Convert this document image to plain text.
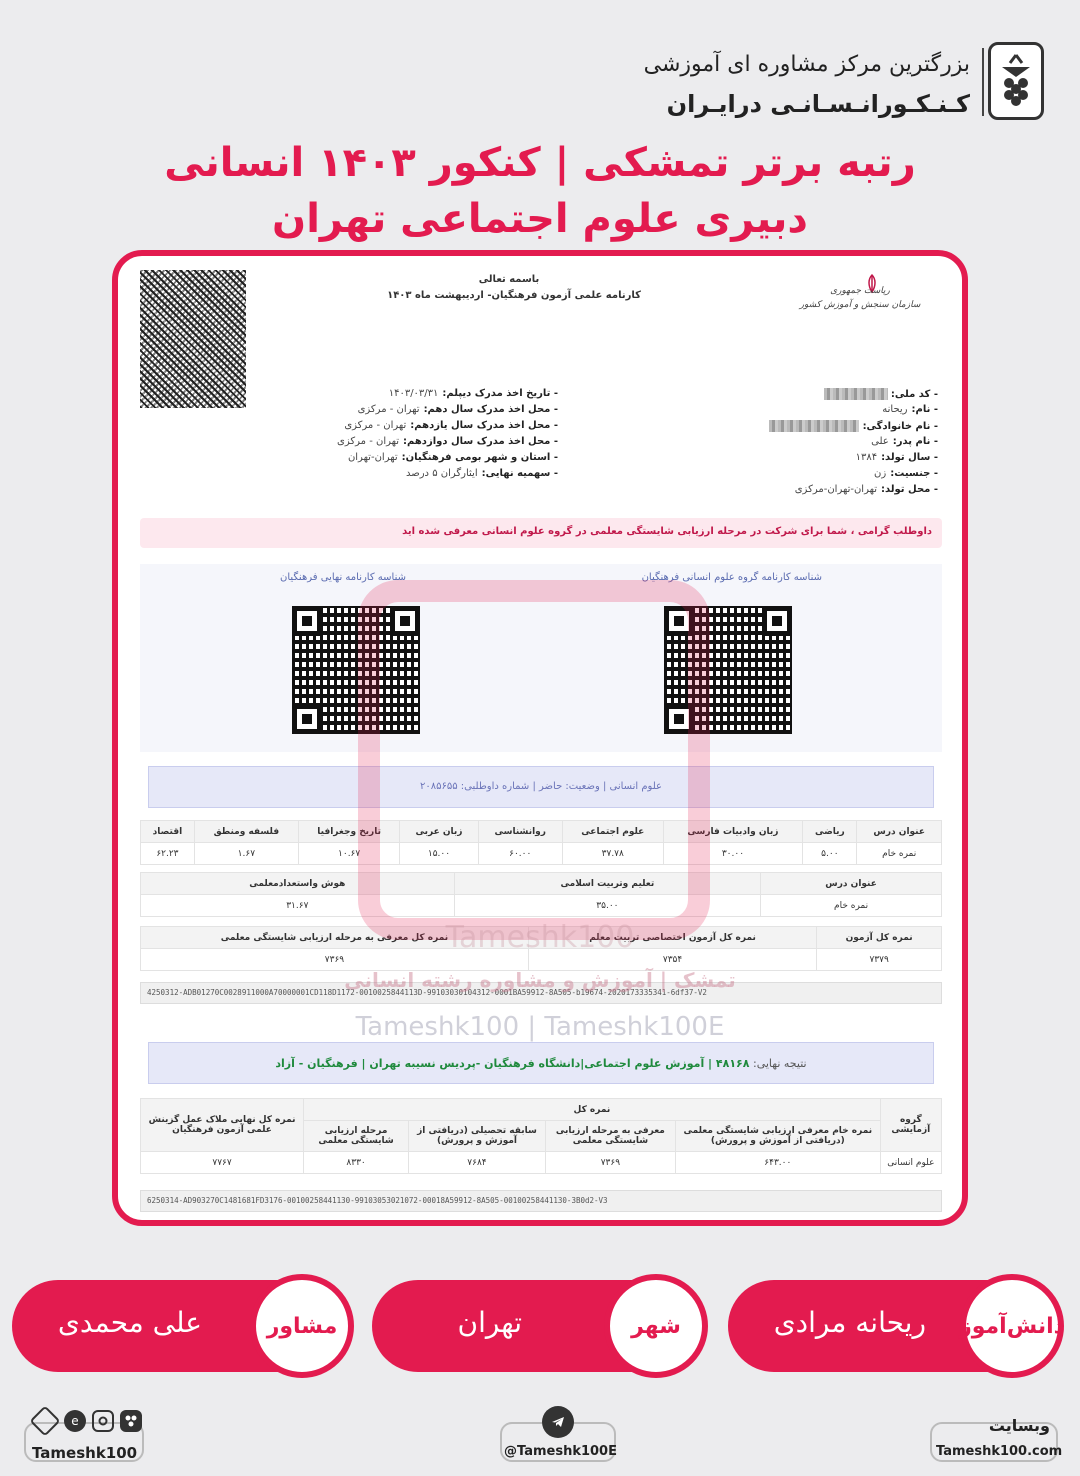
بزرگترین مرکز مشاوره ای آموزشی
کـنـکـورانـسـانـی درایـران
رتبه برتر تمشکی | کنکور ۱۴۰۳ انسانی
دبیری علوم اجتماعی تهران
باسمه تعالی
کارنامه علمی آزمون فرهنگیان- اردیبهشت ماه ۱۴۰۳	ریاست جمهوری
سازمان سنجش و آموزش کشور
- کد ملی:
- نام:ریحانه
- نام خانوادگی:
- نام پدر:علی
- سال تولد:۱۳۸۴
- جنسیت:زن
- محل تولد:تهران-تهران-مرکزی
- تاریخ اخذ مدرک دیپلم:۱۴۰۳/۰۳/۳۱
- محل اخذ مدرک سال دهم:تهران - مرکزی
- محل اخذ مدرک سال یازدهم:تهران - مرکزی
- محل اخذ مدرک سال دوازدهم:تهران - مرکزی
- استان و شهر بومی فرهنگیان:تهران-تهران
- سهمیه نهایی:ایثارگران ۵ درصد
داوطلب گرامی ، شما برای شرکت در مرحله ارزیابی شایستگی معلمی در گروه علوم انسانی معرفی شده اید
شناسه کارنامه گروه علوم انسانی فرهنگیان
شناسه کارنامه نهایی فرهنگیان
علوم انسانی | وضعیت: حاضر | شماره داوطلبی: ۲۰۸۵۶۵۵
عنوان درس	ریاضی	زبان وادبیات فارسی	علوم اجتماعی	روانشناسی	زبان عربی	تاریخ وجغرافیا	فلسفه ومنطق	اقتصاد
نمره خام	۵.۰۰	۳۰.۰۰	۳۷.۷۸	۶۰.۰۰	۱۵.۰۰	۱۰.۶۷	۱.۶۷	۶۲.۲۳
عنوان درس	تعلیم وتربیت اسلامی	هوش واستعدادمعلمی
نمره خام	۳۵.۰۰	۳۱.۶۷
نمره کل آزمون	نمره کل آزمون اختصاصی تربیت معلم	نمره کل معرفی به مرحله ارزیابی شایستگی معلمی
۷۳۷۹	۷۳۵۴	۷۳۶۹
4250312-ADB01270C0028911000A70000001CD118D1172-0010025844113D-99103030104312-0001BA59912-8A505-b19674-2020173335341-6df37-V2
نتیجه نهایی: ۴۸۱۶۸ | آموزش علوم اجتماعی|دانشگاه فرهنگیان -پردیس نسیبه تهران | فرهنگیان - آزاد
گروه آزمایشی	نمره کل				نمره کل نهایی ملاک عمل گزینش علمی آزمون فرهنگیان
	نمره خام معرفی ارزیابی شایستگی معلمی (دریافتی از آموزش و پرورش)	معرفی به مرحله ارزیابی شایستگی معلمی	سابقه تحصیلی (دریافتی از آموزش و پرورش)	مرحله ارزیابی شایستگی معلمی	
علوم انسانی	۶۴۳.۰۰	۷۳۶۹	۷۶۸۴	۸۳۳۰	۷۷۶۷
6250314-AD903270C1481681FD3176-00100258441130-99103053021072-00018A59912-8A505-00100258441130-3B0d2-V3
Tameshk100
تمشک | آموزش و مشاوره رشته انسانی
Tameshk100 | Tameshk100E
ریحانه مرادی دانش‌آموز
تهران	شهر
علی محمدی	مشاور
وبسایت
Tameshk100.com
@Tameshk100E
e
Tameshk100
